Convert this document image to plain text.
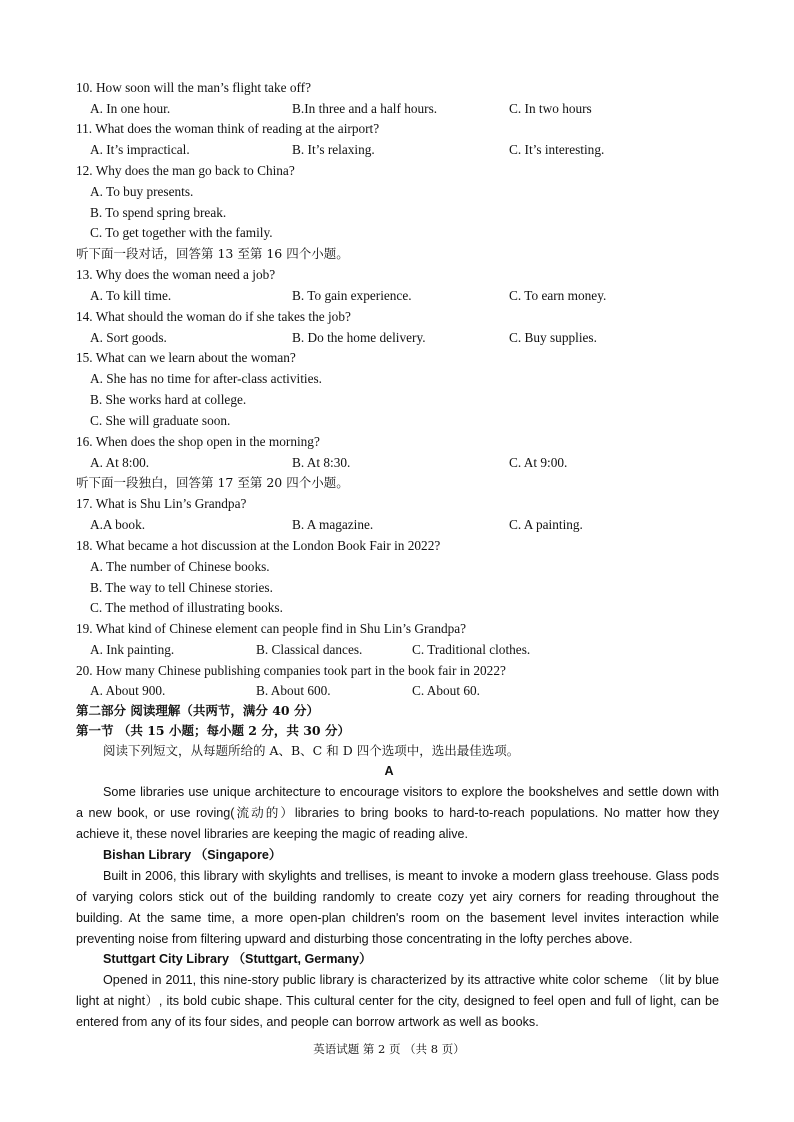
10. How soon will the man’s flight take off?
A. In one hour.	B.In three and a half hours.	C. In two hours
11. What does the woman think of reading at the airport?
A. It’s impractical.	B. It’s relaxing.	C. It’s interesting.
12. Why does the man go back to China?
A. To buy presents.
B. To spend spring break.
C. To get together with the family.
听下面一段对话，回答第 13 至第 16 四个小题。
13. Why does the woman need a job?
A. To kill time.	B. To gain experience.	C. To earn money.
14. What should the woman do if she takes the job?
A. Sort goods.	B. Do the home delivery.	C. Buy supplies.
15. What can we learn about the woman?
A. She has no time for after-class activities.
B. She works hard at college.
C. She will graduate soon.
16. When does the shop open in the morning?
A. At 8:00.	B. At 8:30.	C. At 9:00.
听下面一段独白，回答第 17 至第 20 四个小题。
17. What is Shu Lin’s Grandpa?
A.A book.	B. A magazine.	C. A painting.
18. What became a hot discussion at the London Book Fair in 2022?
A. The number of Chinese books.
B. The way to tell Chinese stories.
C. The method of illustrating books.
19. What kind of Chinese element can people find in Shu Lin’s Grandpa?
A. Ink painting.	B. Classical dances.	C. Traditional clothes.
20. How many Chinese publishing companies took part in the book fair in 2022?
A. About 900.	B. About 600.	C. About 60.
第二部分 阅读理解（共两节，满分 40 分）
第一节 （共 15 小题；每小题 2 分，共 30 分）
阅读下列短文，从每题所给的 A、B、C 和 D 四个选项中，选出最佳选项。
A
Some libraries use unique architecture to encourage visitors to explore the bookshelves and settle down with a new book, or use roving(流动的）libraries to bring books to hard-to-reach populations. No matter how they achieve it, these novel libraries are keeping the magic of reading alive.
Bishan Library （Singapore）
Built in 2006, this library with skylights and trellises, is meant to invoke a modern glass treehouse. Glass pods of varying colors stick out of the building randomly to create cozy yet airy corners for reading throughout the building. At the same time, a more open-plan children's room on the basement level invites interaction while preventing noise from filtering upward and disturbing those concentrating in the lofty perches above.
Stuttgart City Library （Stuttgart, Germany）
Opened in 2011, this nine-story public library is characterized by its attractive white color scheme （lit by blue light at night）, its bold cubic shape. This cultural center for the city, designed to feel open and full of light, can be entered from any of its four sides, and people can borrow artwork as well as books.
英语试题 第 2 页 （共 8 页）
